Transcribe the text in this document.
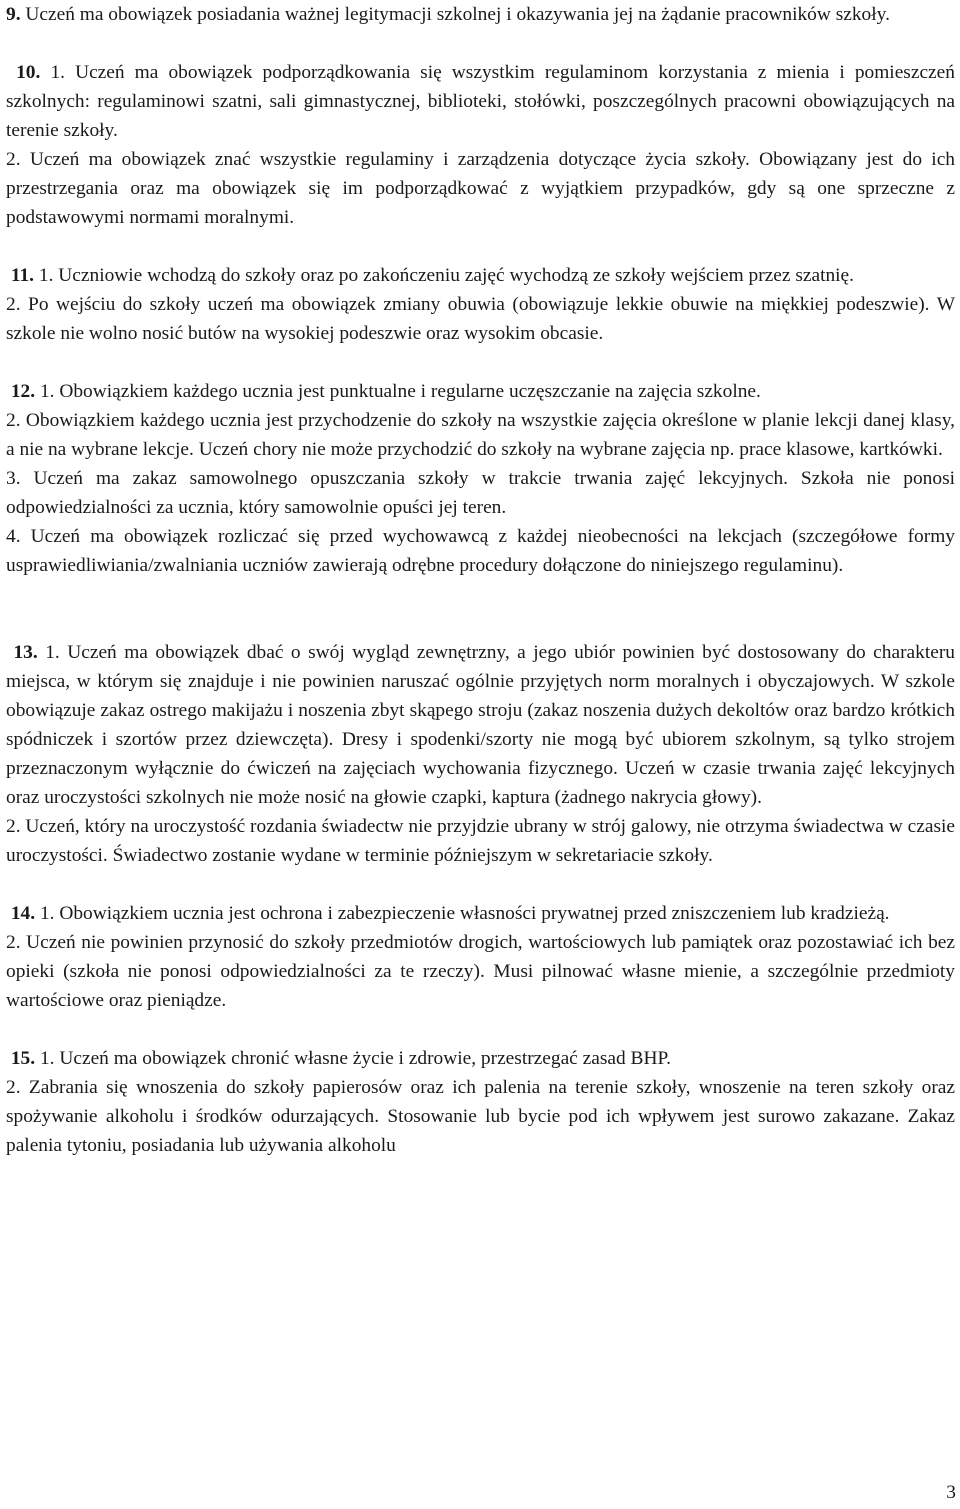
9. Uczeń ma obowiązek posiadania ważnej legitymacji szkolnej i okazywania jej na żądanie pracowników szkoły.

10. 1. Uczeń ma obowiązek podporządkowania się wszystkim regulaminom korzystania z mienia i pomieszczeń szkolnych: regulaminowi szatni, sali gimnastycznej, biblioteki, stołówki, poszczególnych pracowni obowiązujących na terenie szkoły.

2. Uczeń ma obowiązek znać wszystkie regulaminy i zarządzenia dotyczące życia szkoły. Obowiązany jest do ich przestrzegania oraz ma obowiązek się im podporządkować z wyjątkiem przypadków, gdy są one sprzeczne z podstawowymi normami moralnymi.

11. 1. Uczniowie wchodzą do szkoły oraz po zakończeniu zajęć wychodzą ze szkoły wejściem przez szatnię.

2. Po wejściu do szkoły uczeń ma obowiązek zmiany obuwia (obowiązuje lekkie obuwie na miękkiej podeszwie). W szkole nie wolno nosić butów na wysokiej podeszwie oraz wysokim obcasie.

12. 1. Obowiązkiem każdego ucznia jest punktualne i regularne uczęszczanie na zajęcia szkolne.

2. Obowiązkiem każdego ucznia jest przychodzenie do szkoły na wszystkie zajęcia określone w planie lekcji danej klasy, a nie na wybrane lekcje. Uczeń chory nie może przychodzić do szkoły na wybrane zajęcia np. prace klasowe, kartkówki.

3. Uczeń ma zakaz samowolnego opuszczania szkoły w trakcie trwania zajęć lekcyjnych. Szkoła nie ponosi odpowiedzialności za ucznia, który samowolnie opuści jej teren.

4. Uczeń ma obowiązek rozliczać się przed wychowawcą z każdej nieobecności na lekcjach (szczegółowe formy usprawiedliwiania/zwalniania uczniów zawierają odrębne procedury dołączone do niniejszego regulaminu).

13. 1. Uczeń ma obowiązek dbać o swój wygląd zewnętrzny, a jego ubiór powinien być dostosowany do charakteru miejsca, w którym się znajduje i nie powinien naruszać ogólnie przyjętych norm moralnych i obyczajowych. W szkole obowiązuje zakaz ostrego makijażu i noszenia zbyt skąpego stroju (zakaz noszenia dużych dekoltów oraz bardzo krótkich spódniczek i szortów przez dziewczęta). Dresy i spodenki/szorty nie mogą być ubiorem szkolnym, są tylko strojem przeznaczonym wyłącznie do ćwiczeń na zajęciach wychowania fizycznego. Uczeń w czasie trwania zajęć lekcyjnych oraz uroczystości szkolnych nie może nosić na głowie czapki, kaptura (żadnego nakrycia głowy).

2. Uczeń, który na uroczystość rozdania świadectw nie przyjdzie ubrany w strój galowy, nie otrzyma świadectwa w czasie uroczystości. Świadectwo zostanie wydane w terminie późniejszym w sekretariacie szkoły.

14. 1. Obowiązkiem ucznia jest ochrona i zabezpieczenie własności prywatnej przed zniszczeniem lub kradzieżą.

2. Uczeń nie powinien przynosić do szkoły przedmiotów drogich, wartościowych lub pamiątek oraz pozostawiać ich bez opieki (szkoła nie ponosi odpowiedzialności za te rzeczy). Musi pilnować własne mienie, a szczególnie przedmioty wartościowe oraz pieniądze.

15. 1. Uczeń ma obowiązek chronić własne życie i zdrowie, przestrzegać zasad BHP.

2. Zabrania się wnoszenia do szkoły papierosów oraz ich palenia na terenie szkoły, wnoszenie na teren szkoły oraz spożywanie alkoholu i środków odurzających. Stosowanie lub bycie pod ich wpływem jest surowo zakazane. Zakaz palenia tytoniu, posiadania lub używania alkoholu

3
